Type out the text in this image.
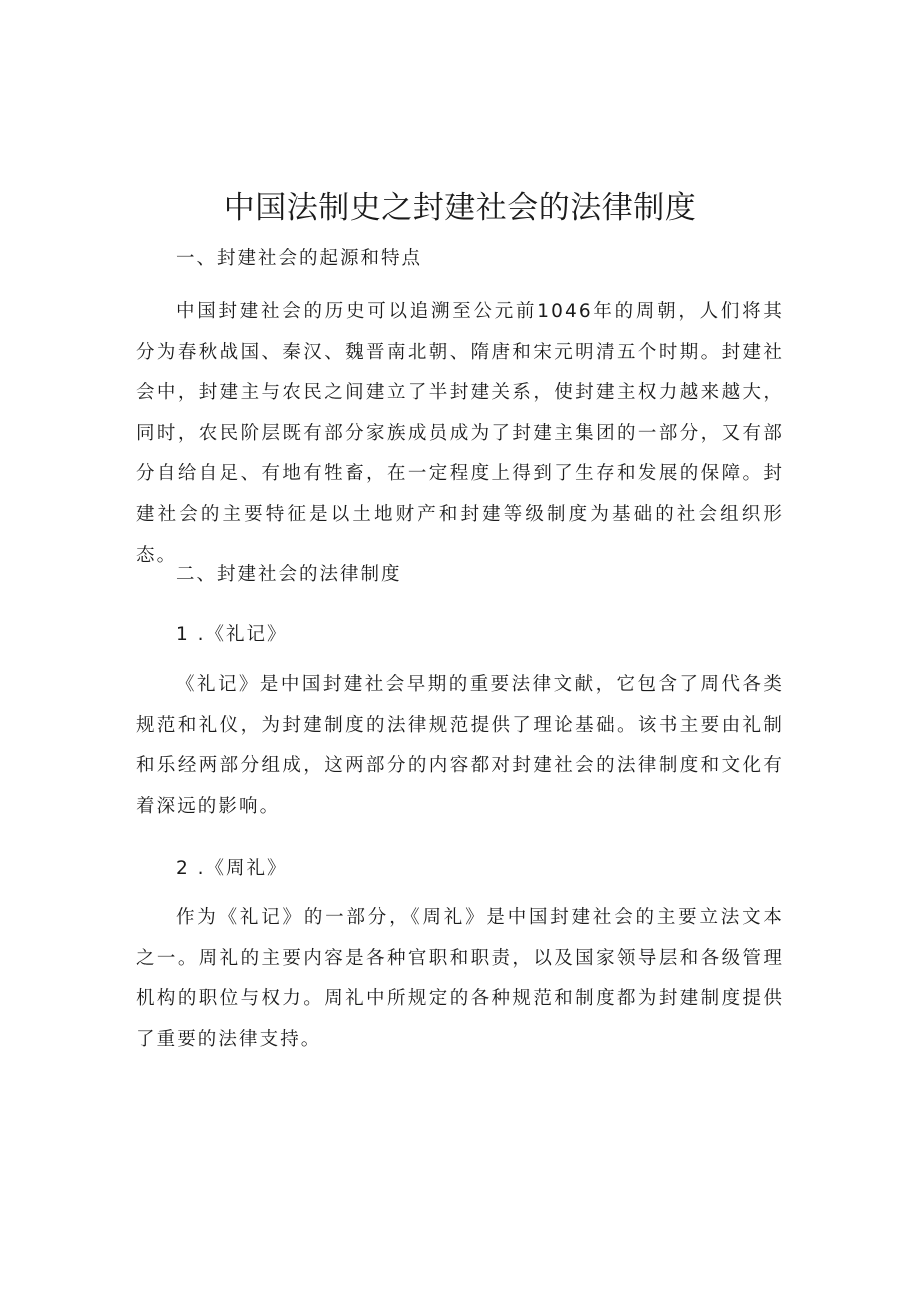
中国法制史之封建社会的法律制度

一、封建社会的起源和特点

中国封建社会的历史可以追溯至公元前1046年的周朝，人们将其分为春秋战国、秦汉、魏晋南北朝、隋唐和宋元明清五个时期。封建社会中，封建主与农民之间建立了半封建关系，使封建主权力越来越大，同时，农民阶层既有部分家族成员成为了封建主集团的一部分，又有部分自给自足、有地有牲畜，在一定程度上得到了生存和发展的保障。封建社会的主要特征是以土地财产和封建等级制度为基础的社会组织形态。

二、封建社会的法律制度

1 .《礼记》

《礼记》是中国封建社会早期的重要法律文献，它包含了周代各类规范和礼仪，为封建制度的法律规范提供了理论基础。该书主要由礼制和乐经两部分组成，这两部分的内容都对封建社会的法律制度和文化有着深远的影响。

2 .《周礼》

作为《礼记》的一部分，《周礼》是中国封建社会的主要立法文本之一。周礼的主要内容是各种官职和职责，以及国家领导层和各级管理机构的职位与权力。周礼中所规定的各种规范和制度都为封建制度提供了重要的法律支持。
